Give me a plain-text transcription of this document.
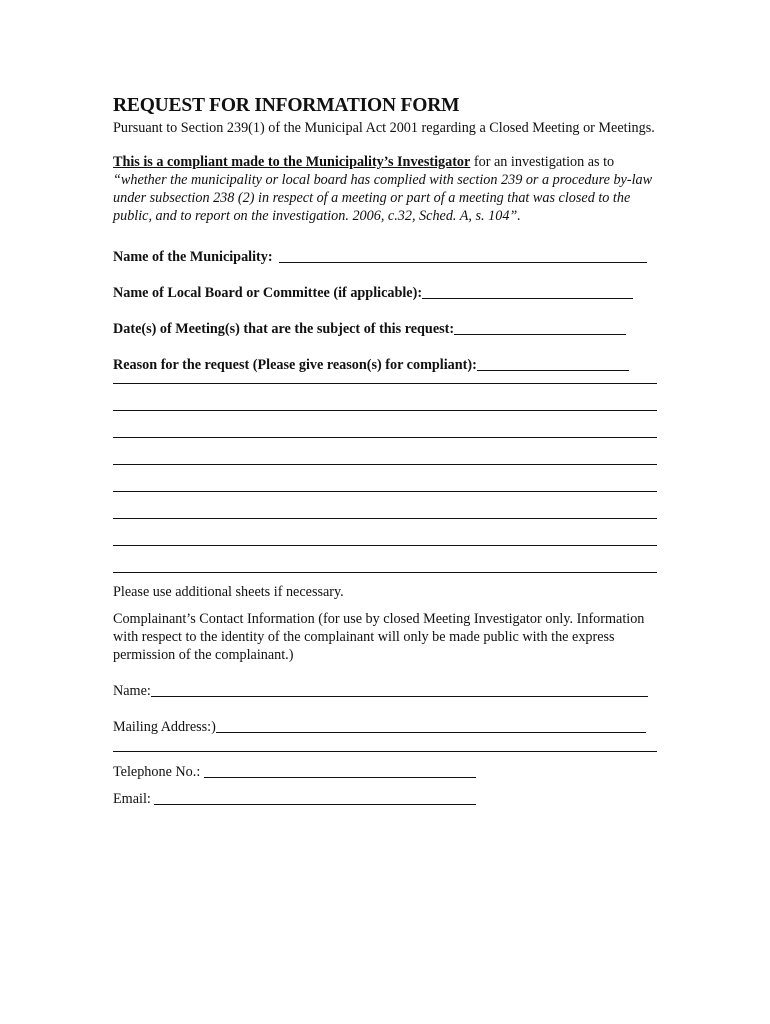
REQUEST FOR INFORMATION FORM

Pursuant to Section 239(1) of the Municipal Act 2001 regarding a Closed Meeting or Meetings.

This is a compliant made to the Municipality’s Investigator for an investigation as to “whether the municipality or local board has complied with section 239 or a procedure by-law under subsection 238 (2) in respect of a meeting or part of a meeting that was closed to the public, and to report on the investigation. 2006, c.32, Sched. A, s. 104”.

Name of the Municipality:
Name of Local Board or Committee (if applicable):
Date(s) of Meeting(s) that are the subject of this request:
Reason for the request (Please give reason(s) for compliant):

Please use additional sheets if necessary.

Complainant’s Contact Information (for use by closed Meeting Investigator only. Information with respect to the identity of the complainant will only be made public with the express permission of the complainant.)

Name:
Mailing Address:)
Telephone No.:
Email:
